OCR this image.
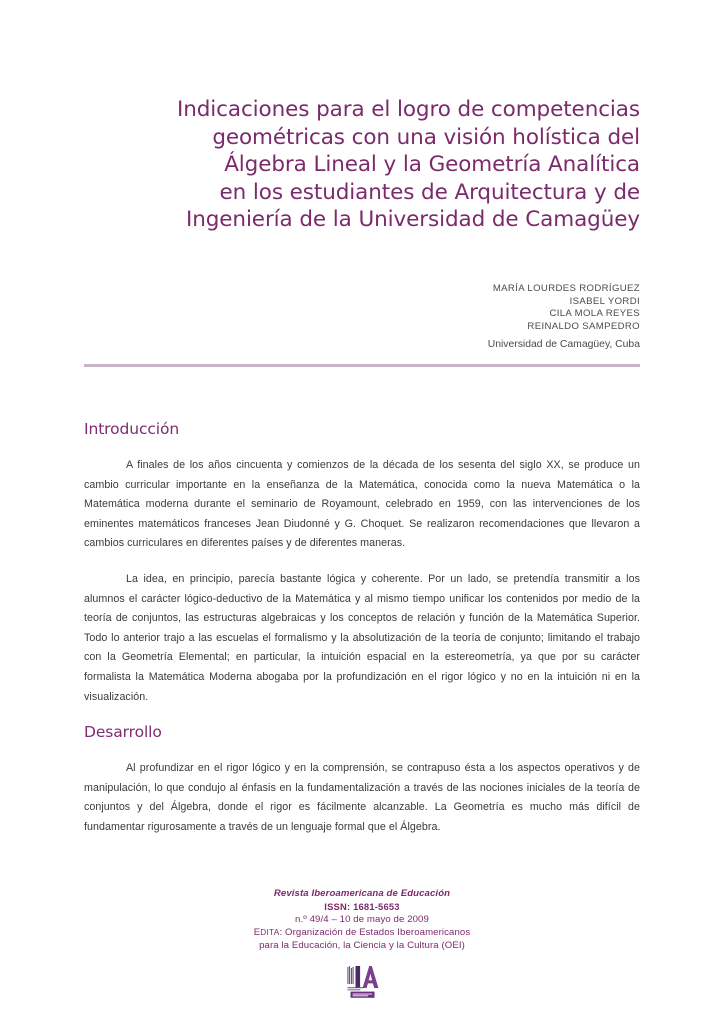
Indicaciones para el logro de competencias
geométricas con una visión holística del
Álgebra Lineal y la Geometría Analítica
en los estudiantes de Arquitectura y de
Ingeniería de la Universidad de Camagüey
MARÍA LOURDES RODRÍGUEZ
ISABEL YORDI
CILA MOLA REYES
REINALDO SAMPEDRO
Universidad de Camagüey, Cuba
Introducción

A finales de los años cincuenta y comienzos de la década de los sesenta del siglo XX, se produce un cambio curricular importante en la enseñanza de la Matemática, conocida como la nueva Matemática o la Matemática moderna durante el seminario de Royamount, celebrado en 1959, con las intervenciones de los eminentes matemáticos franceses Jean Diudonné y G. Choquet. Se realizaron recomendaciones que llevaron a cambios curriculares en diferentes países y de diferentes maneras.

La idea, en principio, parecía bastante lógica y coherente. Por un lado, se pretendía transmitir a los alumnos el carácter lógico-deductivo de la Matemática y al mismo tiempo unificar los contenidos por medio de la teoría de conjuntos, las estructuras algebraicas y los conceptos de relación y función de la Matemática Superior. Todo lo anterior trajo a las escuelas el formalismo y la absolutización de la teoría de conjunto; limitando el trabajo con la Geometría Elemental; en particular, la intuición espacial en la estereometría, ya que por su carácter formalista la Matemática Moderna abogaba por la profundización en el rigor lógico y no en la intuición ni en la visualización.

Desarrollo

Al profundizar en el rigor lógico y en la comprensión, se contrapuso ésta a los aspectos operativos y de manipulación, lo que condujo al énfasis en la fundamentalización a través de las nociones iniciales de la teoría de conjuntos y del Álgebra, donde el rigor es fácilmente alcanzable. La Geometría es mucho más difícil de fundamentar rigurosamente a través de un lenguaje formal que el Álgebra.

Revista Iberoamericana de Educación
ISSN: 1681-5653
n.º 49/4 – 10 de mayo de 2009
EDITA: Organización de Estados Iberoamericanos
para la Educación, la Ciencia y la Cultura (OEI)
